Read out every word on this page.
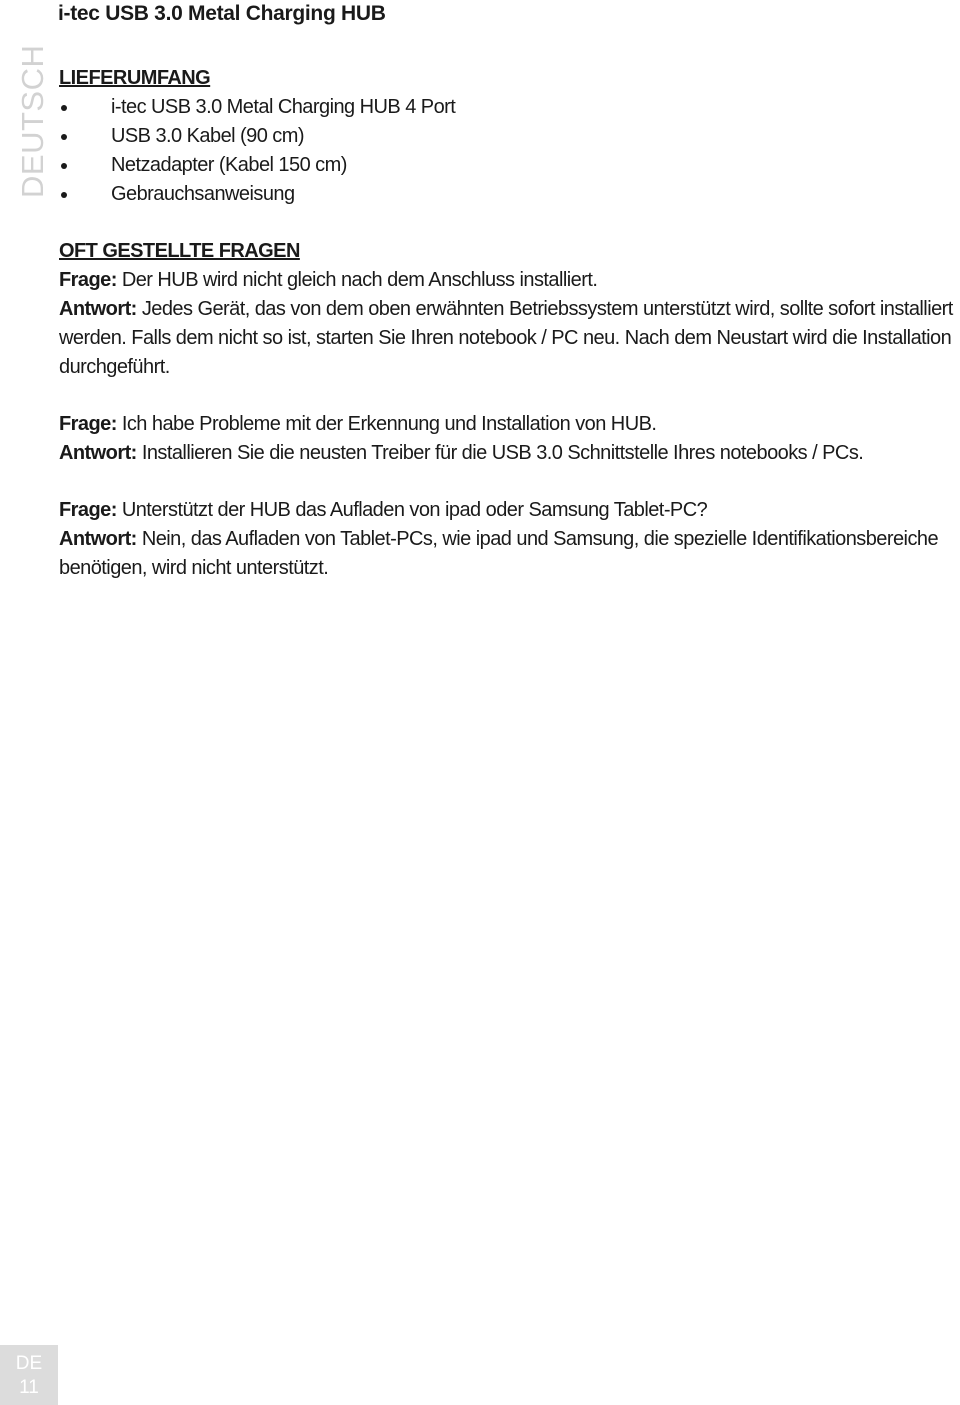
i-tec USB 3.0 Metal Charging HUB
DEUTSCH LIEFERUMFANG
i-tec USB 3.0 Metal Charging HUB 4 Port
USB 3.0 Kabel (90 cm)
Netzadapter (Kabel 150 cm)
Gebrauchsanweisung
OFT GESTELLTE FRAGEN

Frage: Der HUB wird nicht gleich nach dem Anschluss installiert.

Antwort: Jedes Gerät, das von dem oben erwähnten Betriebssystem unterstützt wird, sollte sofort installiert werden. Falls dem nicht so ist, starten Sie Ihren notebook / PC neu. Nach dem Neustart wird die Installation durchgeführt.

Frage: Ich habe Probleme mit der Erkennung und Installation von HUB.

Antwort: Installieren Sie die neusten Treiber für die USB 3.0 Schnittstelle Ihres notebooks / PCs.

Frage: Unterstützt der HUB das Aufladen von ipad oder Samsung Tablet-PC?

Antwort: Nein, das Aufladen von Tablet-PCs, wie ipad und Samsung, die spezielle Identifikationsbereiche benötigen, wird nicht unterstützt.

DE
11
